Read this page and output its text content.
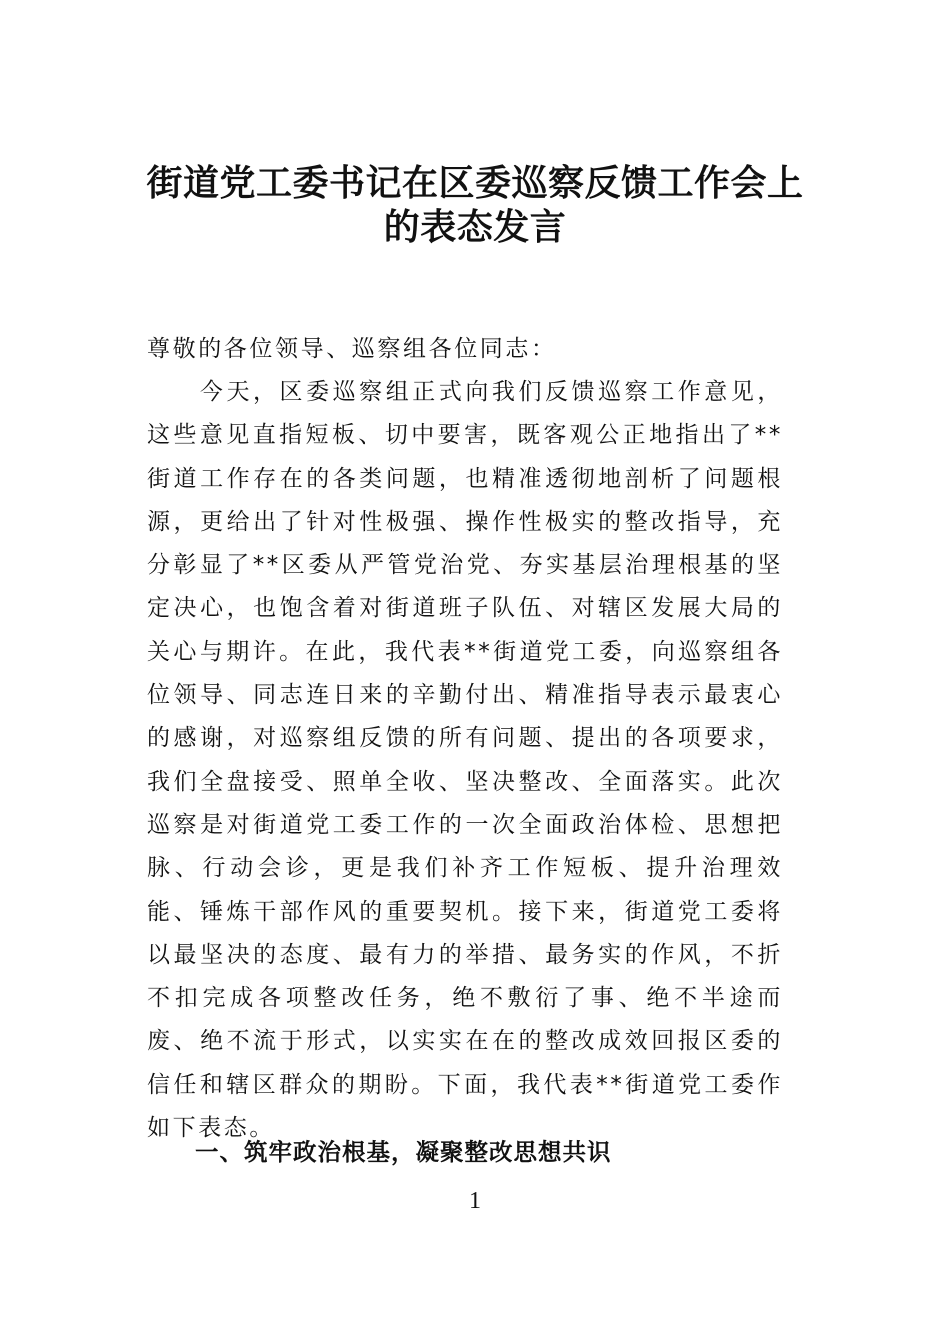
街道党工委书记在区委巡察反馈工作会上
的表态发言
尊敬的各位领导、巡察组各位同志：
今天，区委巡察组正式向我们反馈巡察工作意见，这些意见直指短板、切中要害，既客观公正地指出了**街道工作存在的各类问题，也精准透彻地剖析了问题根源，更给出了针对性极强、操作性极实的整改指导，充分彰显了**区委从严管党治党、夯实基层治理根基的坚定决心，也饱含着对街道班子队伍、对辖区发展大局的关心与期许。在此，我代表**街道党工委，向巡察组各位领导、同志连日来的辛勤付出、精准指导表示最衷心的感谢，对巡察组反馈的所有问题、提出的各项要求，我们全盘接受、照单全收、坚决整改、全面落实。此次巡察是对街道党工委工作的一次全面政治体检、思想把脉、行动会诊，更是我们补齐工作短板、提升治理效能、锤炼干部作风的重要契机。接下来，街道党工委将以最坚决的态度、最有力的举措、最务实的作风，不折不扣完成各项整改任务，绝不敷衍了事、绝不半途而废、绝不流于形式，以实实在在的整改成效回报区委的信任和辖区群众的期盼。下面，我代表**街道党工委作如下表态。
一、筑牢政治根基，凝聚整改思想共识
1
